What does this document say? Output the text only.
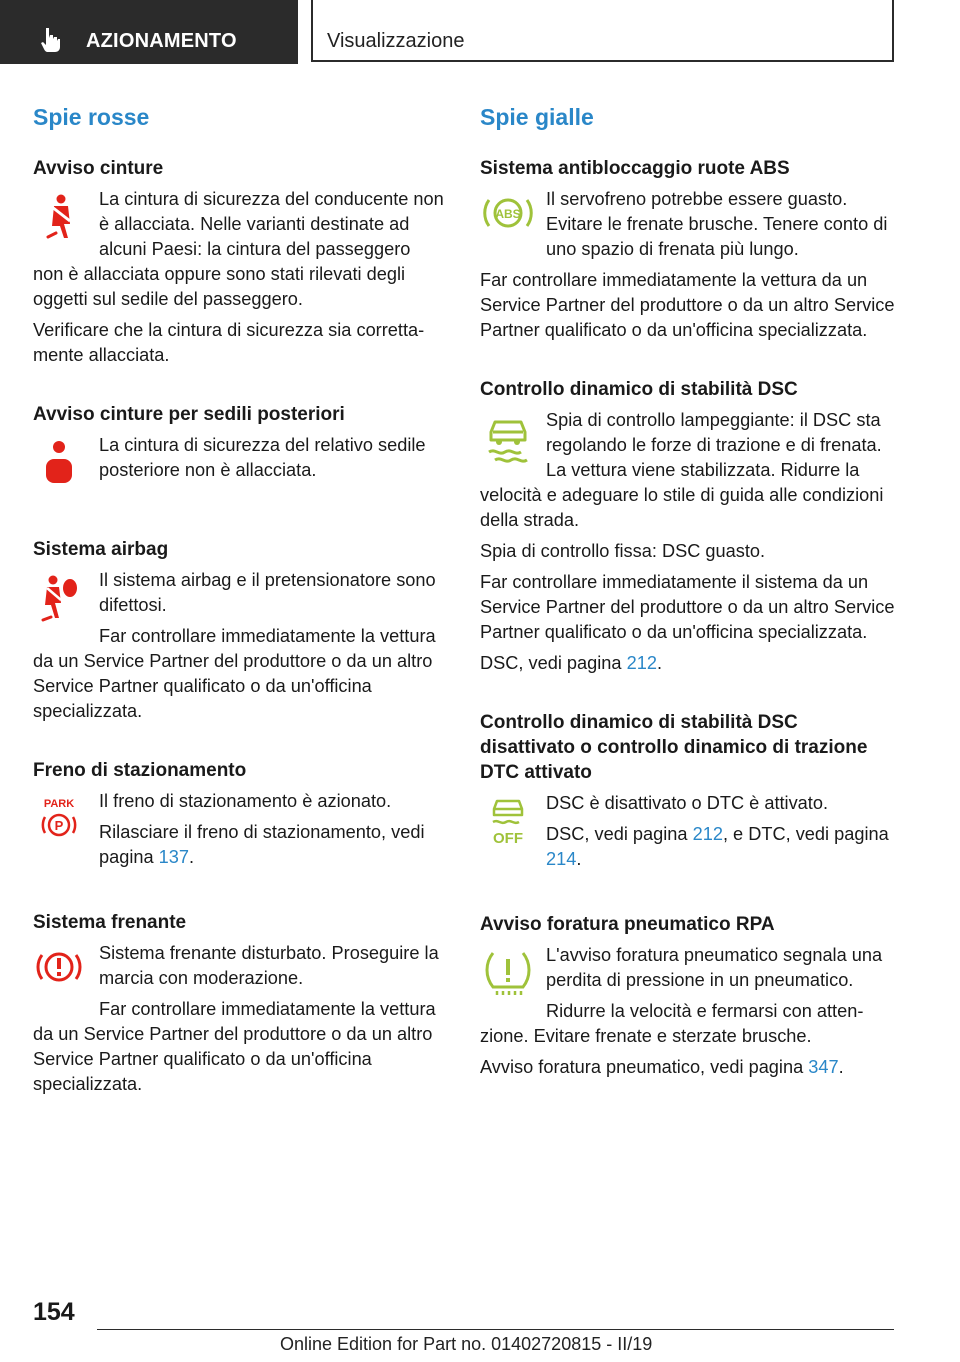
AZIONAMENTO	Visualizzazione
Spie rosse
Avviso cinture

La cintura di sicurezza del conducente non è allacciata. Nelle varianti destinate ad alcuni Paesi: la cintura del passeggero non è allacciata oppure sono stati rilevati degli oggetti sul sedile del passeggero.

Verificare che la cintura di sicurezza sia correttamente allacciata.

Avviso cinture per sedili posteriori

La cintura di sicurezza del relativo sedile posteriore non è allacciata.

Sistema airbag

Il sistema airbag e il pretensionatore sono difettosi.

Far controllare immediatamente la vettura da un Service Partner del produttore o da un altro Service Partner qualificato o da un'officina specializzata.

Freno di stazionamento
PARK
P

Il freno di stazionamento è azionato.

Rilasciare il freno di stazionamento, vedi pagina 137.

Sistema frenante

Sistema frenante disturbato. Proseguire la marcia con moderazione.

Far controllare immediatamente la vettura da un Service Partner del produttore o da un altro Service Partner qualificato o da un'officina specializzata.

Spie gialle
Sistema antibloccaggio ruote ABS
ABS

Il servofreno potrebbe essere guasto. Evitare le frenate brusche. Tenere conto di uno spazio di frenata più lungo.

Far controllare immediatamente la vettura da un Service Partner del produttore o da un altro Service Partner qualificato o da un'officina specializzata.

Controllo dinamico di stabilità DSC

Spia di controllo lampeggiante: il DSC sta regolando le forze di trazione e di frenata. La vettura viene stabilizzata. Ridurre la velocità e adeguare lo stile di guida alle condizioni della strada.

Spia di controllo fissa: DSC guasto.

Far controllare immediatamente il sistema da un Service Partner del produttore o da un altro Service Partner qualificato o da un'officina specializzata.

DSC, vedi pagina 212.

Controllo dinamico di stabilità DSC disattivato o controllo dinamico di trazione DTC attivato
OFF

DSC è disattivato o DTC è attivato.

DSC, vedi pagina 212, e DTC, vedi pagina 214.

Avviso foratura pneumatico RPA

L'avviso foratura pneumatico segnala una perdita di pressione in un pneumatico.

Ridurre la velocità e fermarsi con attenzione. Evitare frenate e sterzate brusche.

Avviso foratura pneumatico, vedi pagina 347.

154
Online Edition for Part no. 01402720815 - II/19
